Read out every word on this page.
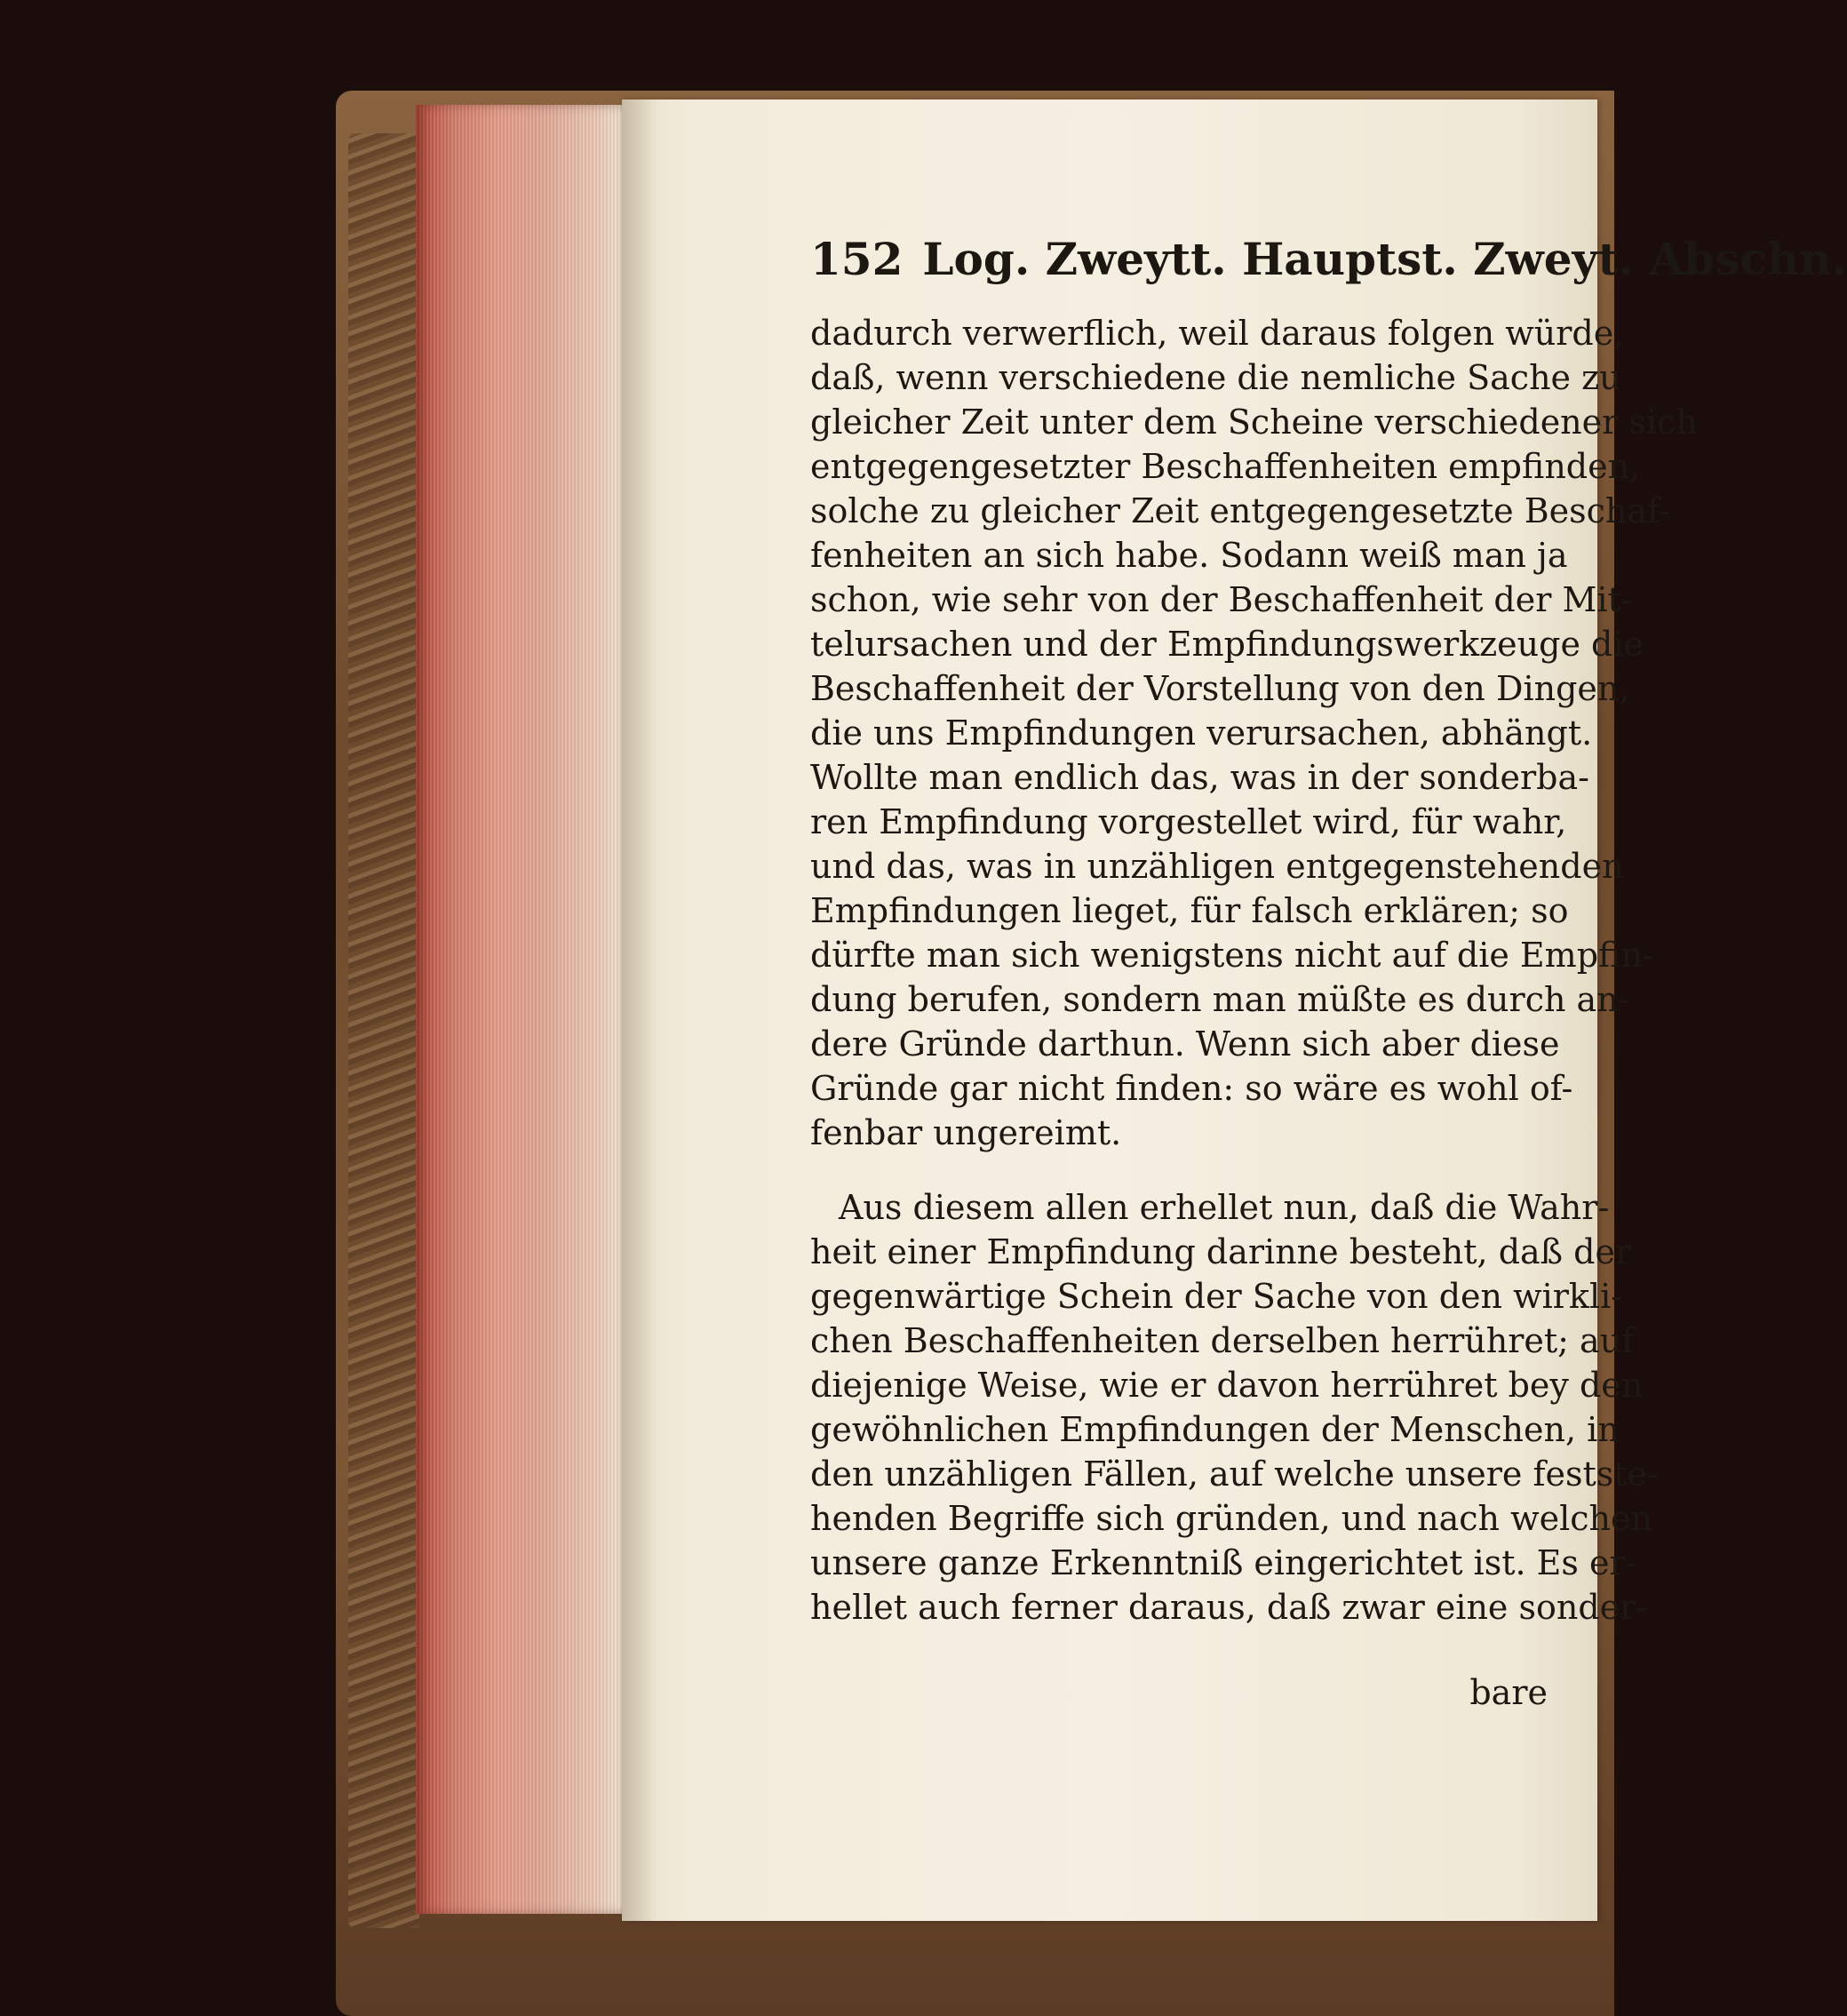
152 Log. Zweytt. Hauptst. Zweyt. Abschn.
dadurch verwerflich, weil daraus folgen würde,
daß, wenn verschiedene die nemliche Sache zu
gleicher Zeit unter dem Scheine verschiedener sich
entgegengesetzter Beschaffenheiten empfinden,
solche zu gleicher Zeit entgegengesetzte Beschaf-
fenheiten an sich habe. Sodann weiß man ja
schon, wie sehr von der Beschaffenheit der Mit-
telursachen und der Empfindungswerkzeuge die
Beschaffenheit der Vorstellung von den Dingen,
die uns Empfindungen verursachen, abhängt.
Wollte man endlich das, was in der sonderba-
ren Empfindung vorgestellet wird, für wahr,
und das, was in unzähligen entgegenstehenden
Empfindungen lieget, für falsch erklären; so
dürfte man sich wenigstens nicht auf die Empfin-
dung berufen, sondern man müßte es durch an-
dere Gründe darthun. Wenn sich aber diese
Gründe gar nicht finden: so wäre es wohl of-
fenbar ungereimt.
Aus diesem allen erhellet nun, daß die Wahr-
heit einer Empfindung darinne besteht, daß der
gegenwärtige Schein der Sache von den wirkli-
chen Beschaffenheiten derselben herrühret; auf
diejenige Weise, wie er davon herrühret bey den
gewöhnlichen Empfindungen der Menschen, in
den unzähligen Fällen, auf welche unsere festste-
henden Begriffe sich gründen, und nach welchen
unsere ganze Erkenntniß eingerichtet ist. Es er-
hellet auch ferner daraus, daß zwar eine sonder-
bare
